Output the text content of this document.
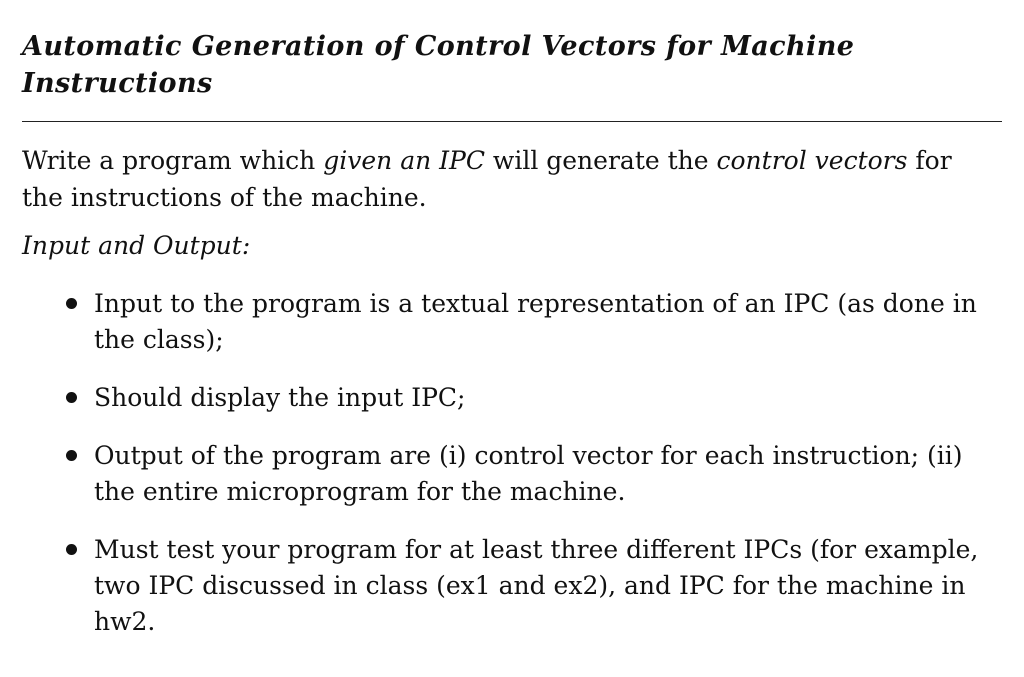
Automatic Generation of Control Vectors for Machine Instructions

Write a program which given an IPC will generate the control vectors for the instructions of the machine.

Input and Output:

Input to the program is a textual representation of an IPC (as done in the class);
Should display the input IPC;
Output of the program are (i) control vector for each instruction; (ii) the entire microprogram for the machine.
Must test your program for at least three different IPCs (for example, two IPC discussed in class (ex1 and ex2), and IPC for the machine in hw2.
